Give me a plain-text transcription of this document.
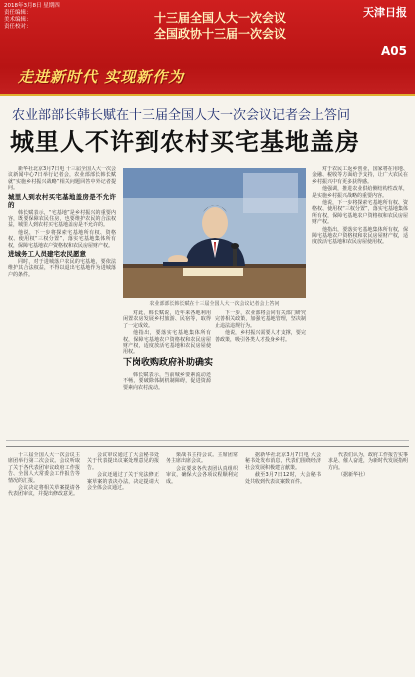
2018年3月8日 星期四
责任编辑：
美术编辑：
责任校对：
十三届全国人大一次会议
全国政协十三届一次会议
天津日报
A05
走进新时代 实现新作为
农业部部长韩长赋在十三届全国人大一次会议记者会上答问
城里人不许到农村买宅基地盖房

新华社北京3月7日电 十三届全国人大一次会议新闻中心7日举行记者会，农业部部长韩长赋就“实施乡村振兴战略”相关问题回答中外记者提问。

城里人到农村买宅基地盖房是不允许的

韩长赋表示，“宅基地”是乡村振兴的重要内容，既要保障农民住房，也要维护农民的合法权益，城里人到农村买宅基地盖房是不允许的。

他说，下一步将探索宅基地所有权、资格权、使用权“三权分置”，落实宅基地集体所有权，保障宅基地农户资格权和农民房屋财产权。

进城务工人员建宅农民愿意

同时，对于进城落户农民的宅基地，要依法维护其合法权益，不得以退出宅基地作为进城落户的条件。

农业部部长韩长赋在十三届全国人大一次会议记者会上答问

对此，韩长赋说，近年来各地利用闲置农房发展乡村旅游、民宿等，取得了一定成效。

他指出，要落实宅基地集体所有权，保障宅基地农户资格权和农民房屋财产权，适度放活宅基地和农民房屋使用权。

下岗收购政府补助确实

下一步，农业部将会同有关部门研究完善相关政策，加强宅基地管理，坚决制止违法违规行为。

他说，乡村振兴需要人才支撑，要完善政策，吸引各类人才投身乡村。

韩长赋表示，当前城乡要素流动还不畅，要破除体制机制障碍，促进资源要素向农村流动。

对于农民工返乡创业，国家将在用地、金融、税收等方面给予支持，让广大农民在乡村振兴中有更多获得感。

他强调，推进农业供给侧结构性改革，是实施乡村振兴战略的重要内容。

他说，下一步将探索宅基地所有权、资格权、使用权“三权分置”，落实宅基地集体所有权，保障宅基地农户资格权和农民房屋财产权。

他指出，要落实宅基地集体所有权，保障宅基地农户资格权和农民房屋财产权，适度放活宅基地和农民房屋使用权。

十三届全国人大一次会议主席团举行第二次会议。会议听取了关于各代表团审议政府工作报告、全国人大常委会工作报告等情况的汇报。

会议决定将相关草案提请各代表团审议，并提出修改意见。

会议审议通过了大会秘书处关于代表提出议案处理意见的报告。

会议还通过了关于宪法修正案草案的表决办法，决定提请大会全体会议通过。

栗战书主持会议。主席团常务主席出席会议。

会议要求各代表团认真组织审议，确保大会各项议程顺利完成。

据新华社北京3月7日电 大会秘书处发布消息，代表们围绕经济社会发展积极建言献策。

截至3月7日12时，大会秘书处共收到代表议案数百件。

代表们认为，政府工作报告实事求是、催人奋进，为新时代发展指明方向。

（据新华社）
